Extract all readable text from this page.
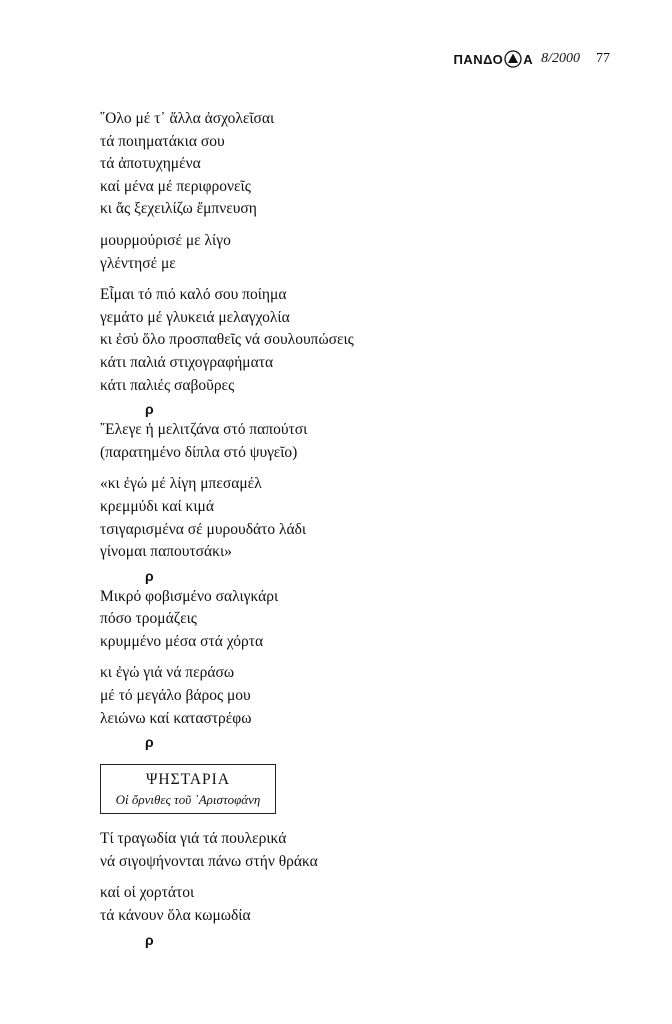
ΠΑΝΔΟ Α 8/2000 77
῞Ολο μέ τ᾿ ἄλλα ἀσχολεῖσαι
τά ποιηματάκια σου
τά ἀποτυχημένα
καί μένα μέ περιφρονεῖς
κι ἄς ξεχειλίζω ἔμπνευση
μουρμούρισέ με λίγο
γλέντησέ με
Εἶμαι τό πιό καλό σου ποίημα
γεμάτο μέ γλυκειά μελαγχολία
κι ἐσύ ὅλο προσπαθεῖς νά σουλουπώσεις
κάτι παλιά στιχογραφήματα
κάτι παλιές σαβοῦρες
ρ
῎Ελεγε ἡ μελιτζάνα στό παπούτσι
(παρατημένο δίπλα στό ψυγεῖο)
«κι ἐγώ μέ λίγη μπεσαμέλ
κρεμμύδι καί κιμά
τσιγαρισμένα σέ μυρουδάτο λάδι
γίνομαι παπουτσάκι»
ρ
Μικρό φοβισμένο σαλιγκάρι
πόσο τρομάζεις
κρυμμένο μέσα στά χόρτα
κι ἐγώ γιά νά περάσω
μέ τό μεγάλο βάρος μου
λειώνω καί καταστρέφω
ρ
ΨΗΣΤΑΡΙΑ
Οἱ ὄρνιθες τοῦ ᾿Αριστοφάνη
Τί τραγωδία γιά τά πουλερικά
νά σιγοψήνονται πάνω στήν θράκα
καί οἱ χορτάτοι
τά κάνουν ὅλα κωμωδία
ρ
